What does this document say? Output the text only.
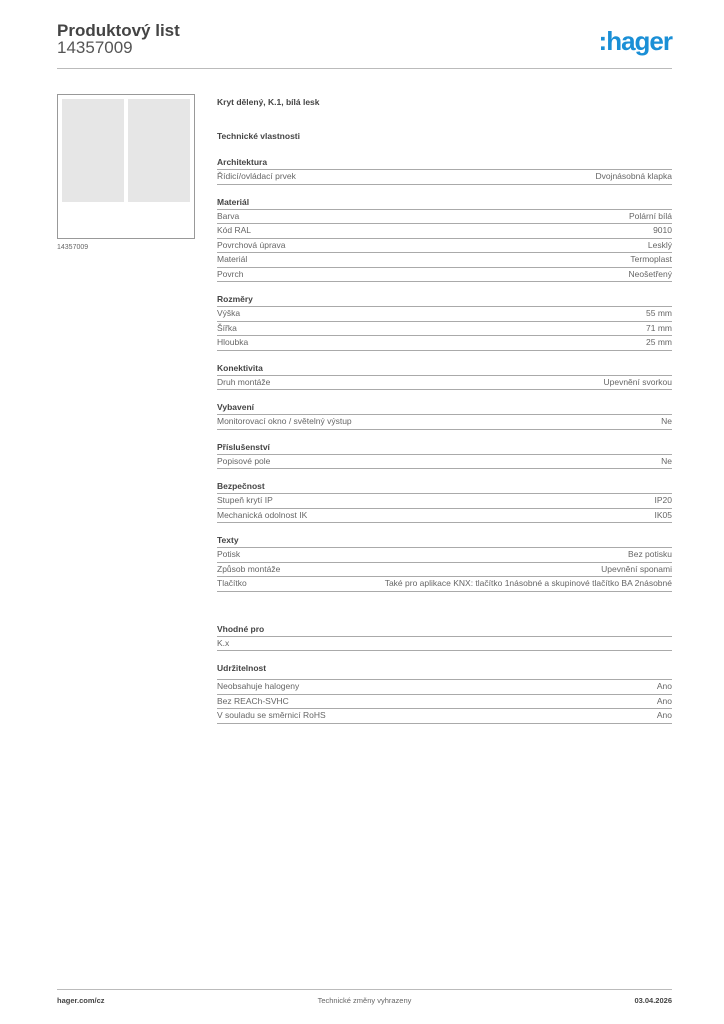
Produktový list
14357009	:hager
14357009
Kryt dělený, K.1, bílá lesk
Technické vlastnosti
Architektura
Řídicí/ovládací prvek	Dvojnásobná klapka
Materiál
Barva	Polární bílá
Kód RAL	9010
Povrchová úprava	Lesklý
Materiál	Termoplast
Povrch	Neošetřený
Rozměry
Výška	55 mm
Šířka	71 mm
Hloubka	25 mm
Konektivita
Druh montáže	Upevnění svorkou
Vybavení
Monitorovací okno / světelný výstup	Ne
Příslušenství
Popisové pole	Ne
Bezpečnost
Stupeň krytí IP	IP20
Mechanická odolnost IK	IK05
Texty
Potisk	Bez potisku
Způsob montáže	Upevnění sponami
Tlačítko	Také pro aplikace KNX: tlačítko 1násobné a skupinové tlačítko BA 2násobné
Vhodné pro
K.x
Udržitelnost
Neobsahuje halogeny	Ano
Bez REACh-SVHC	Ano
V souladu se směrnicí RoHS	Ano
hager.com/cz	Technické změny vyhrazeny	03.04.2026
